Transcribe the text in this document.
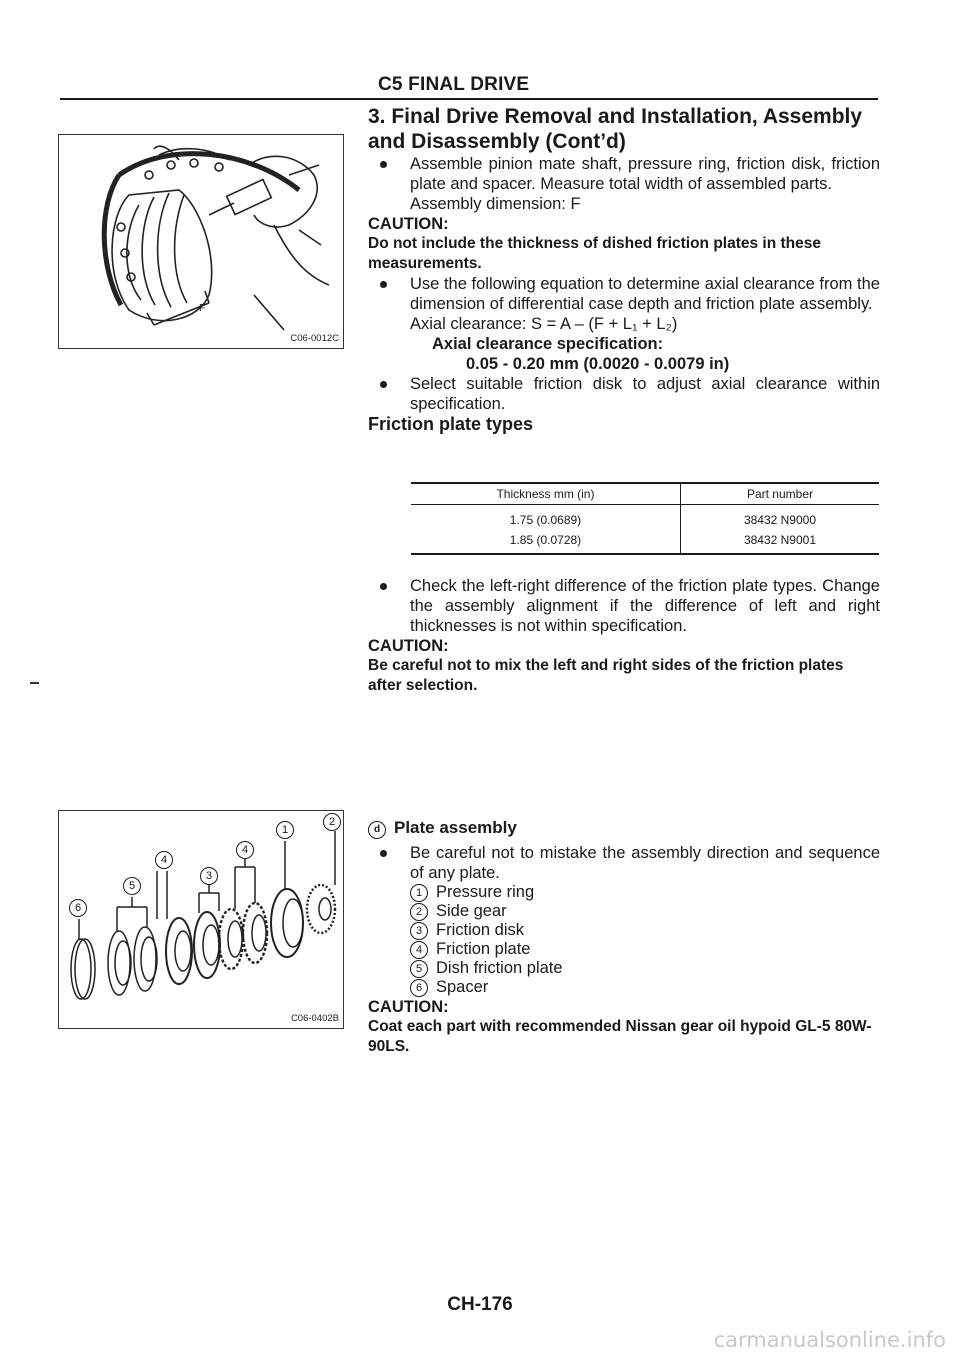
C5 FINAL DRIVE
3. Final Drive Removal and Installation, Assembly and Disassembly (Cont’d)
F
C06-0012C
Assemble pinion mate shaft, pressure ring, friction disk, friction plate and spacer. Measure total width of assembled parts.
Assembly dimension: F
CAUTION:
Do not include the thickness of dished friction plates in these measurements.
Use the following equation to determine axial clearance from the dimension of differential case depth and friction plate assembly.
Axial clearance: S = A – (F + L₁ + L₂)
Axial clearance specification:
0.05 - 0.20 mm (0.0020 - 0.0079 in)
Select suitable friction disk to adjust axial clearance within specification.
Friction plate types
Thickness mm (in)	Part number
1.75 (0.0689)	38432 N9000
1.85 (0.0728)	38432 N9001
Check the left-right difference of the friction plate types. Change the assembly alignment if the difference of left and right thicknesses is not within specification.
CAUTION:
Be careful not to mix the left and right sides of the friction plates after selection.
6
5
4
3
4
1
2
C06-0402B
d Plate assembly
Be careful not to mistake the assembly direction and sequence of any plate.
1 Pressure ring
2 Side gear
3 Friction disk
4 Friction plate
5 Dish friction plate
6 Spacer
CAUTION:
Coat each part with recommended Nissan gear oil hypoid GL-5 80W-90LS.
CH-176
carmanualsonline.info
